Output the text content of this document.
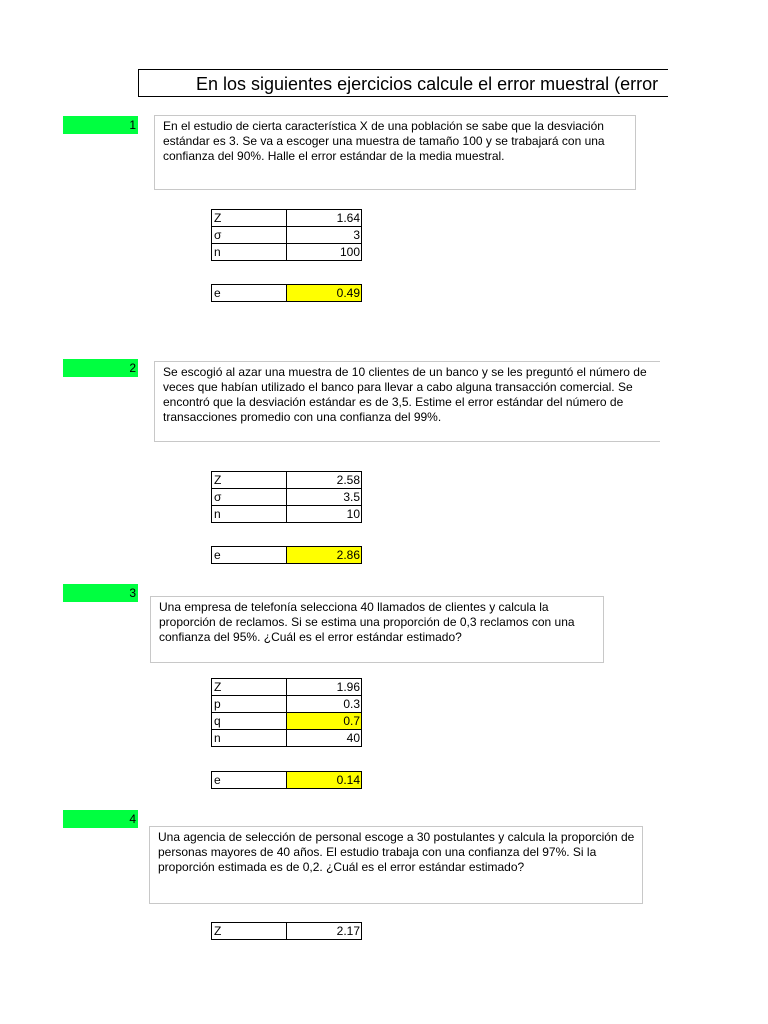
En los siguientes ejercicios calcule el error muestral (error
1	En el estudio de cierta característica X de una población se sabe que la desviación estándar es 3. Se va a escoger una muestra de tamaño 100 y se trabajará con una confianza del 90%. Halle el error estándar de la media muestral.
Z	1.64
σ	3
n	100
e	0.49
2	Se escogió al azar una muestra de 10 clientes de un banco y se les preguntó el número de veces que habían utilizado el banco para llevar a cabo alguna transacción comercial. Se encontró que la desviación estándar es de 3,5. Estime el error estándar del número de transacciones promedio con una confianza del 99%.
Z	2.58
σ	3.5
n	10
e	2.86
3
Una empresa de telefonía selecciona 40 llamados de clientes y calcula la proporción de reclamos. Si se estima una proporción de 0,3 reclamos con una confianza del 95%. ¿Cuál es el error estándar estimado?
Z	1.96
p	0.3
q	0.7
n	40
e	0.14
4
Una agencia de selección de personal escoge a 30 postulantes y calcula la proporción de personas mayores de 40 años. El estudio trabaja con una confianza del 97%. Si la proporción estimada es de 0,2. ¿Cuál es el error estándar estimado?
Z	2.17
